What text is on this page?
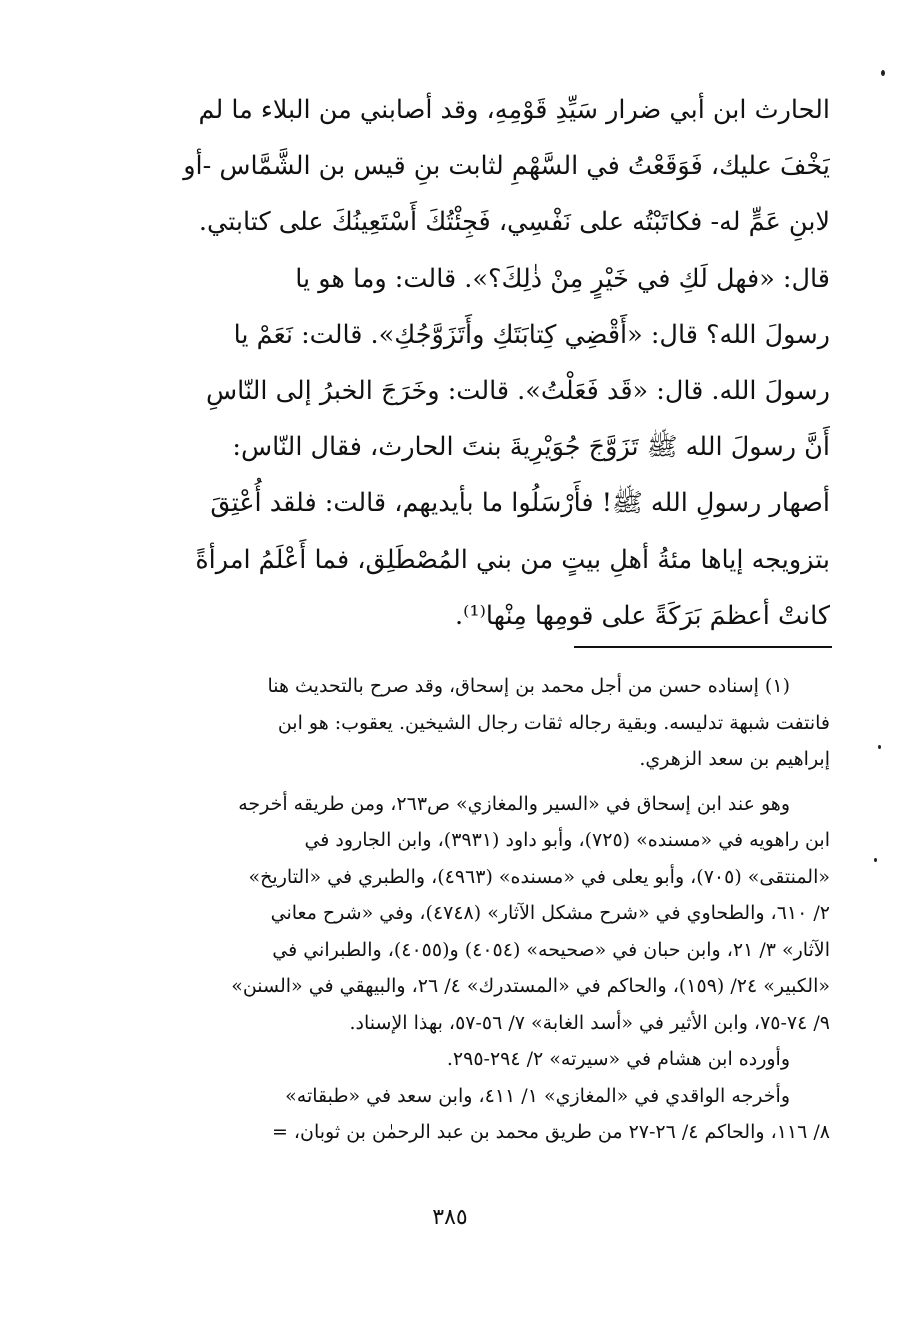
الحارث ابن أبي ضرار سَيِّدِ قَوْمِهِ، وقد أصابني من البلاء ما لم
يَخْفَ عليك، فَوَقَعْتُ في السَّهْمِ لثابت بنِ قيس بن الشَّمَّاس -أو
لابنِ عَمٍّ له- فكاتَبْتُه على نَفْسِي، فَجِئْتُكَ أَسْتَعِينُكَ على كتابتي.
قال: «فهل لَكِ في خَيْرٍ مِنْ ذٰلِكَ؟». قالت: وما هو يا
رسولَ الله؟ قال: «أَقْضِي كِتابَتَكِ وأَتَزَوَّجُكِ». قالت: نَعَمْ يا
رسولَ الله. قال: «قَد فَعَلْتُ». قالت: وخَرَجَ الخبرُ إلى النّاسِ
أَنَّ رسولَ الله ﷺ تَزَوَّجَ جُوَيْرِيةَ بنتَ الحارث، فقال النّاس:
أصهار رسولِ الله ﷺ! فأَرْسَلُوا ما بأيديهم، قالت: فلقد أُعْتِقَ
بتزويجه إياها مئةُ أهلِ بيتٍ من بني المُصْطَلِق، فما أَعْلَمُ امرأةً
كانتْ أعظمَ بَرَكَةً على قومِها مِنْها⁽¹⁾.
(١) إسناده حسن من أجل محمد بن إسحاق، وقد صرح بالتحديث هنا
فانتفت شبهة تدليسه. وبقية رجاله ثقات رجال الشيخين. يعقوب: هو ابن
إبراهيم بن سعد الزهري.
وهو عند ابن إسحاق في «السير والمغازي» ص٢٦٣، ومن طريقه أخرجه
ابن راهويه في «مسنده» (٧٢٥)، وأبو داود (٣٩٣١)، وابن الجارود في
«المنتقى» (٧٠٥)، وأبو يعلى في «مسنده» (٤٩٦٣)، والطبري في «التاريخ»
٢/ ٦١٠، والطحاوي في «شرح مشكل الآثار» (٤٧٤٨)، وفي «شرح معاني
الآثار» ٣/ ٢١، وابن حبان في «صحيحه» (٤٠٥٤) و(٤٠٥٥)، والطبراني في
«الكبير» ٢٤/ (١٥٩)، والحاكم في «المستدرك» ٤/ ٢٦، والبيهقي في «السنن»
٩/ ٧٤-٧٥، وابن الأثير في «أسد الغابة» ٧/ ٥٦-٥٧، بهذا الإسناد.
وأورده ابن هشام في «سيرته» ٢/ ٢٩٤-٢٩٥.
وأخرجه الواقدي في «المغازي» ١/ ٤١١، وابن سعد في «طبقاته»
٨/ ١١٦، والحاكم ٤/ ٢٦-٢٧ من طريق محمد بن عبد الرحمٰن بن ثوبان، =
٣٨٥
